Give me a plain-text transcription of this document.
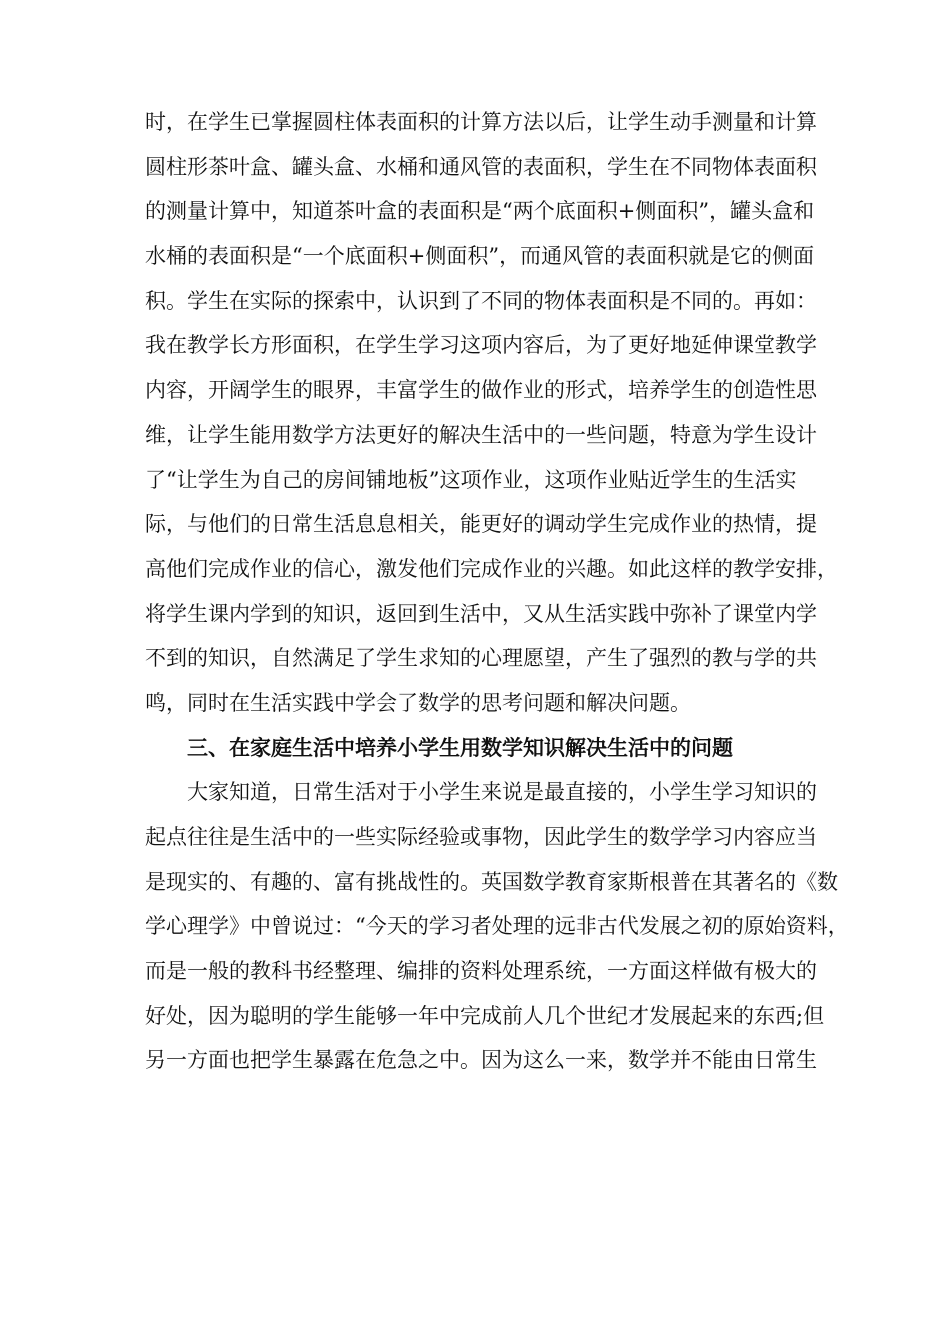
时，在学生已掌握圆柱体表面积的计算方法以后，让学生动手测量和计算
圆柱形茶叶盒、罐头盒、水桶和通风管的表面积，学生在不同物体表面积
的测量计算中，知道茶叶盒的表面积是“两个底面积+侧面积”，罐头盒和
水桶的表面积是“一个底面积+侧面积”，而通风管的表面积就是它的侧面
积。学生在实际的探索中，认识到了不同的物体表面积是不同的。再如：
我在教学长方形面积，在学生学习这项内容后，为了更好地延伸课堂教学
内容，开阔学生的眼界，丰富学生的做作业的形式，培养学生的创造性思
维，让学生能用数学方法更好的解决生活中的一些问题，特意为学生设计
了“让学生为自己的房间铺地板”这项作业，这项作业贴近学生的生活实
际，与他们的日常生活息息相关，能更好的调动学生完成作业的热情，提
高他们完成作业的信心，激发他们完成作业的兴趣。如此这样的教学安排，
将学生课内学到的知识，返回到生活中，又从生活实践中弥补了课堂内学
不到的知识，自然满足了学生求知的心理愿望，产生了强烈的教与学的共
鸣，同时在生活实践中学会了数学的思考问题和解决问题。
三、在家庭生活中培养小学生用数学知识解决生活中的问题
大家知道，日常生活对于小学生来说是最直接的，小学生学习知识的
起点往往是生活中的一些实际经验或事物，因此学生的数学学习内容应当
是现实的、有趣的、富有挑战性的。英国数学教育家斯根普在其著名的《数
学心理学》中曾说过：“今天的学习者处理的远非古代发展之初的原始资料，
而是一般的教科书经整理、编排的资料处理系统，一方面这样做有极大的
好处，因为聪明的学生能够一年中完成前人几个世纪才发展起来的东西;但
另一方面也把学生暴露在危急之中。因为这么一来，数学并不能由日常生
